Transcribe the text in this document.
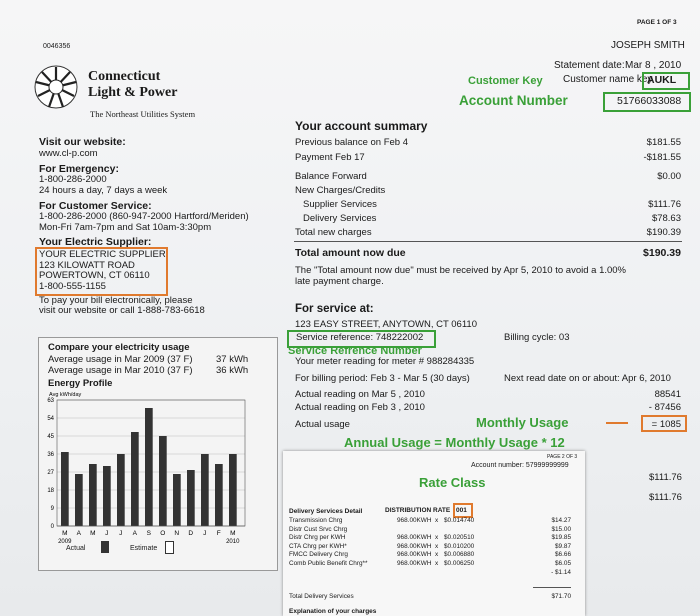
PAGE 1 OF 3
0046356	JOSEPH SMITH
Statement date: Mar 8 , 2010
Customer name key
AUKL
51766033088
Customer Key
Account Number
Connecticut
Light & Power
The Northeast Utilities System
Visit our website:
www.cl-p.com
For Emergency:
1-800-286-2000
24 hours a day, 7 days a week
For Customer Service:
1-800-286-2000 (860-947-2000 Hartford/Meriden)
Mon-Fri 7am-7pm and Sat 10am-3:30pm
Your Electric Supplier:
YOUR ELECTRIC SUPPLIER
123 KILOWATT ROAD
POWERTOWN, CT 06110
1-800-555-1155
To pay your bill electronically, please
visit our website or call 1-888-783-6618
Compare your electricity usage
Average usage in Mar 2009 (37 F) 37 kWh
Average usage in Mar 2010 (37 F) 36 kWh
Energy Profile
Avg kWh/day
0
9
18
27
36
45
54
63
M A M J J A S O N D J F M
2009	2010
Actual	Estimate
Your account summary
Previous balance on Feb 4	$181.55
Payment Feb 17	-$181.55
Balance Forward	$0.00
New Charges/Credits
Supplier Services	$111.76
Delivery Services	$78.63
Total new charges	$190.39
Total amount now due	$190.39
The "Total amount now due" must be received by Apr 5, 2010 to avoid a 1.00%
late payment charge.
For service at:
123 EASY STREET, ANYTOWN, CT 06110
Service reference: 748222002	Billing cycle: 03
Service Refrence Number
Your meter reading for meter # 988284335
For billing period: Feb 3 - Mar 5 (30 days)	Next read date on or about: Apr 6, 2010
Actual reading on Mar 5 , 2010	88541
Actual reading on Feb 3 , 2010	- 87456
Actual usage	= 1085
Monthly Usage
Annual Usage = Monthly Usage * 12
$111.76
$111.76
PAGE 2 OF 3
Account number: 57999999999
Rate Class
Delivery Services Detail	DISTRIBUTION RATE 001
Transmission Chrg	968.00KWH x $0.014740	$14.27
Distr Cust Srvc Chrg	$15.00
Distr Chrg per KWH	968.00KWH x $0.020510	$19.85
CTA Chrg per KWH*	968.00KWH x $0.010200	$9.87
FMCC Delivery Chrg	968.00KWH x $0.006880	$6.66
Comb Public Benefit Chrg**	968.00KWH x $0.006250	$6.05
- $1.14
Total Delivery Services	$71.70
Explanation of your charges
